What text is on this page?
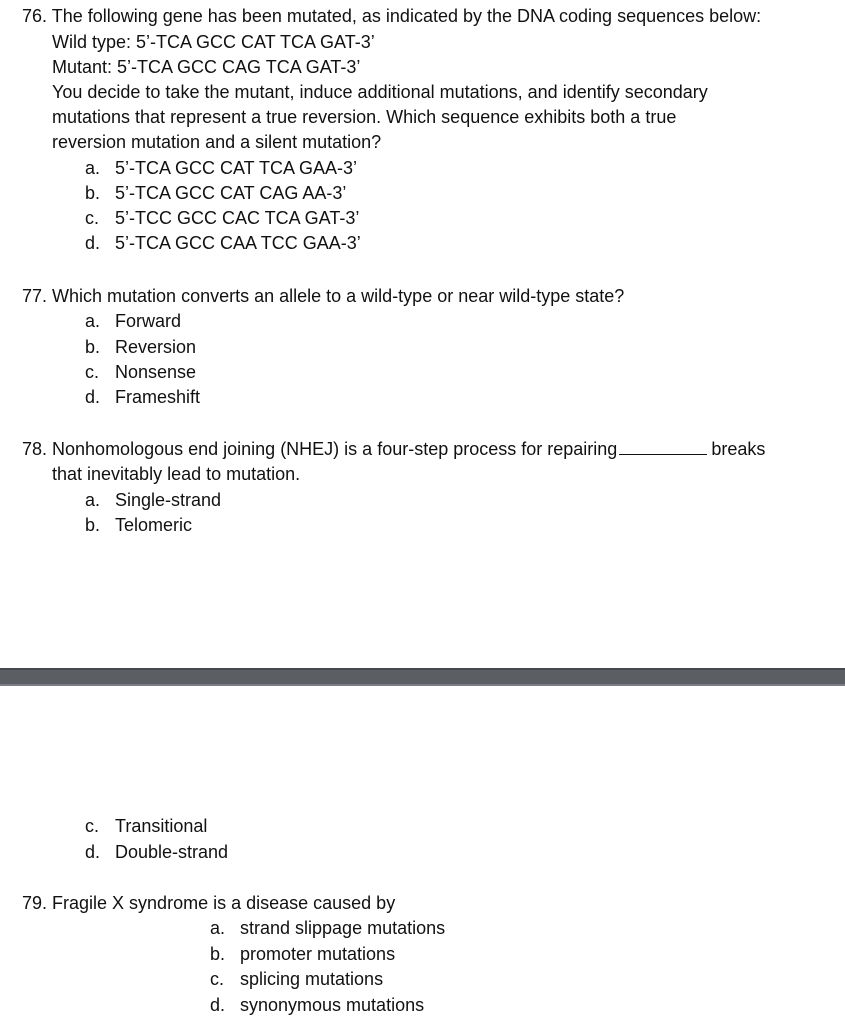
76. The following gene has been mutated, as indicated by the DNA coding sequences below:
Wild type: 5’-TCA GCC CAT TCA GAT-3’
Mutant: 5’-TCA GCC CAG TCA GAT-3’
You decide to take the mutant, induce additional mutations, and identify secondary
mutations that represent a true reversion. Which sequence exhibits both a true
reversion mutation and a silent mutation?
a. 5’-TCA GCC CAT TCA GAA-3’
b. 5’-TCA GCC CAT CAG AA-3’
c. 5’-TCC GCC CAC TCA GAT-3’
d. 5’-TCA GCC CAA TCC GAA-3’
77. Which mutation converts an allele to a wild-type or near wild-type state?
a. Forward
b. Reversion
c. Nonsense
d. Frameshift
78. Nonhomologous end joining (NHEJ) is a four-step process for repairing	breaks
that inevitably lead to mutation.
a. Single-strand
b. Telomeric
c. Transitional
d. Double-strand
79. Fragile X syndrome is a disease caused by
a. strand slippage mutations
b. promoter mutations
c. splicing mutations
d. synonymous mutations
